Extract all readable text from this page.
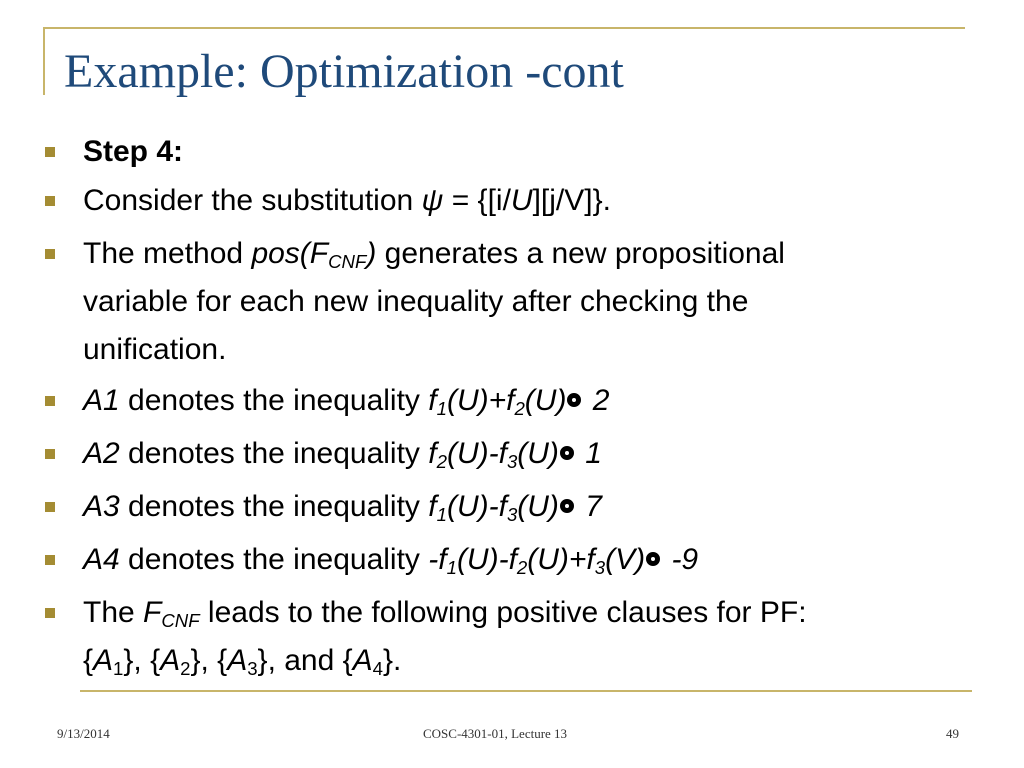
Example: Optimization -cont
Step 4:
Consider the substitution ψ = {[i/U][j/V]}.
The method $pos(F_{CNF})$ generates a new propositional
variable for each new inequality after checking the
unification.
A1 denotes the inequality $f_1(U)+f_2(U)$ 2
A2 denotes the inequality $f_2(U)-f_3(U)$ 1
A3 denotes the inequality $f_1(U)-f_3(U)$ 7
A4 denotes the inequality $-f_1(U)-f_2(U)+f_3(V)$ -9
The $F_{CNF}$ leads to the following positive clauses for PF:
$\{A_1\}$, $\{A_2\}$, $\{A_3\}$, and $\{A_4\}$.
9/13/2014	COSC-4301-01, Lecture 13	49
